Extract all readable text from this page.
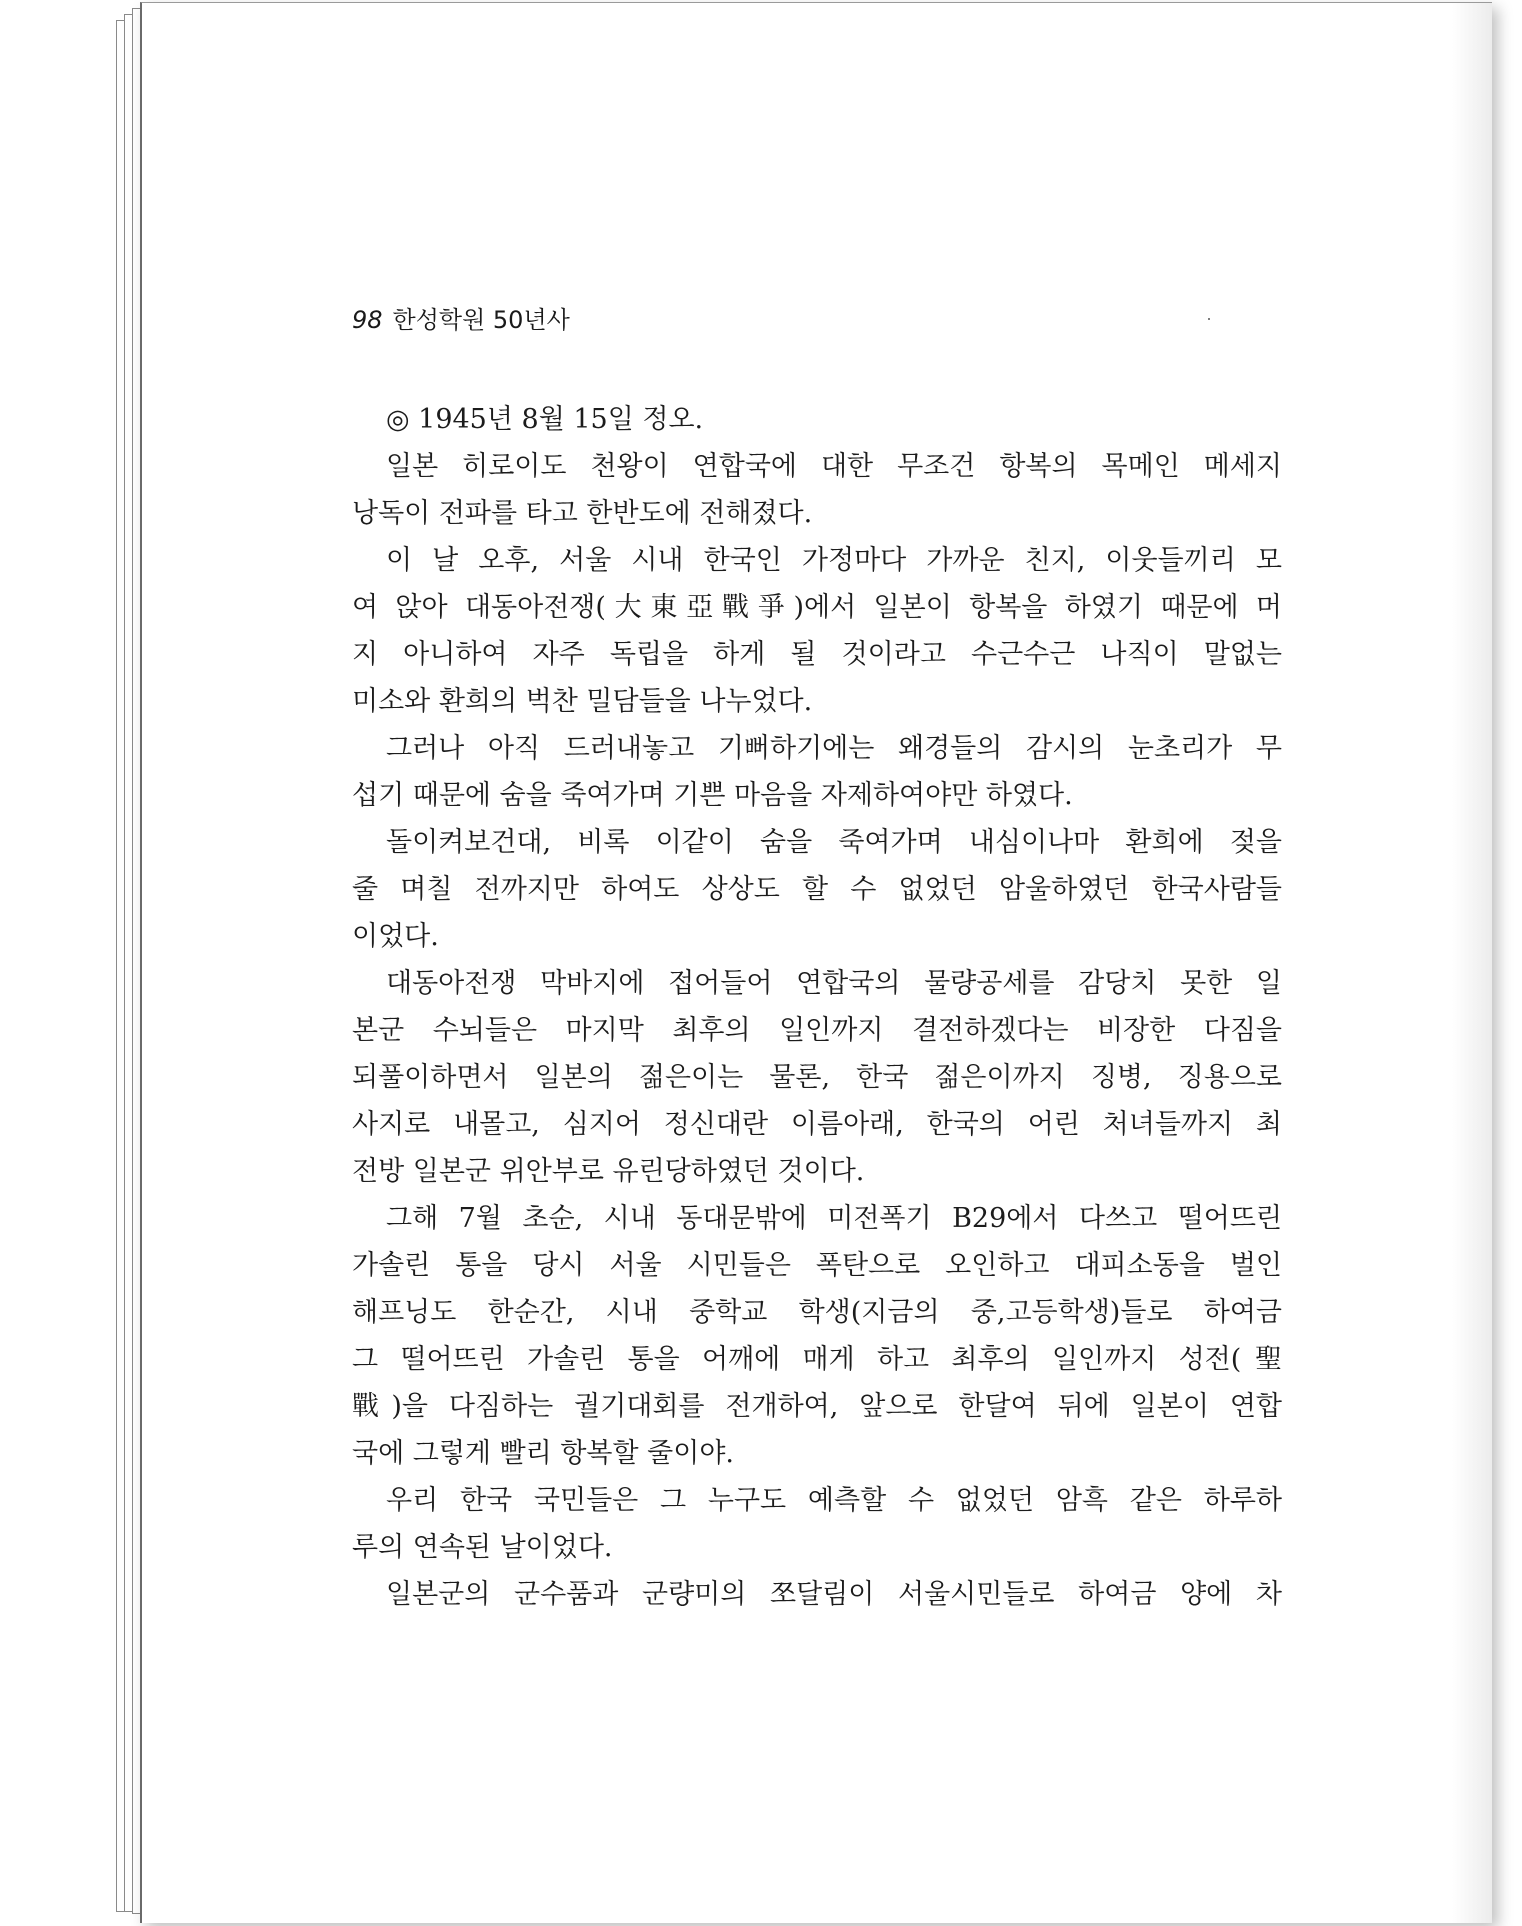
98 한성학원 50년사
◎ 1945년 8월 15일 정오.
일본 히로이도 천왕이 연합국에 대한 무조건 항복의 목메인 메세지
낭독이 전파를 타고 한반도에 전해졌다.
이 날 오후, 서울 시내 한국인 가정마다 가까운 친지, 이웃들끼리 모
여 앉아 대동아전쟁(大東亞戰爭)에서 일본이 항복을 하였기 때문에 머
지 아니하여 자주 독립을 하게 될 것이라고 수근수근 나직이 말없는
미소와 환희의 벅찬 밀담들을 나누었다.
그러나 아직 드러내놓고 기뻐하기에는 왜경들의 감시의 눈초리가 무
섭기 때문에 숨을 죽여가며 기쁜 마음을 자제하여야만 하였다.
돌이켜보건대, 비록 이같이 숨을 죽여가며 내심이나마 환희에 젖을
줄 며칠 전까지만 하여도 상상도 할 수 없었던 암울하였던 한국사람들
이었다.
대동아전쟁 막바지에 접어들어 연합국의 물량공세를 감당치 못한 일
본군 수뇌들은 마지막 최후의 일인까지 결전하겠다는 비장한 다짐을
되풀이하면서 일본의 젊은이는 물론, 한국 젊은이까지 징병, 징용으로
사지로 내몰고, 심지어 정신대란 이름아래, 한국의 어린 처녀들까지 최
전방 일본군 위안부로 유린당하였던 것이다.
그해 7월 초순, 시내 동대문밖에 미전폭기 B29에서 다쓰고 떨어뜨린
가솔린 통을 당시 서울 시민들은 폭탄으로 오인하고 대피소동을 벌인
해프닝도 한순간, 시내 중학교 학생(지금의 중,고등학생)들로 하여금
그 떨어뜨린 가솔린 통을 어깨에 매게 하고 최후의 일인까지 성전(聖
戰)을 다짐하는 궐기대회를 전개하여, 앞으로 한달여 뒤에 일본이 연합
국에 그렇게 빨리 항복할 줄이야.
우리 한국 국민들은 그 누구도 예측할 수 없었던 암흑 같은 하루하
루의 연속된 날이었다.
일본군의 군수품과 군량미의 쪼달림이 서울시민들로 하여금 양에 차
